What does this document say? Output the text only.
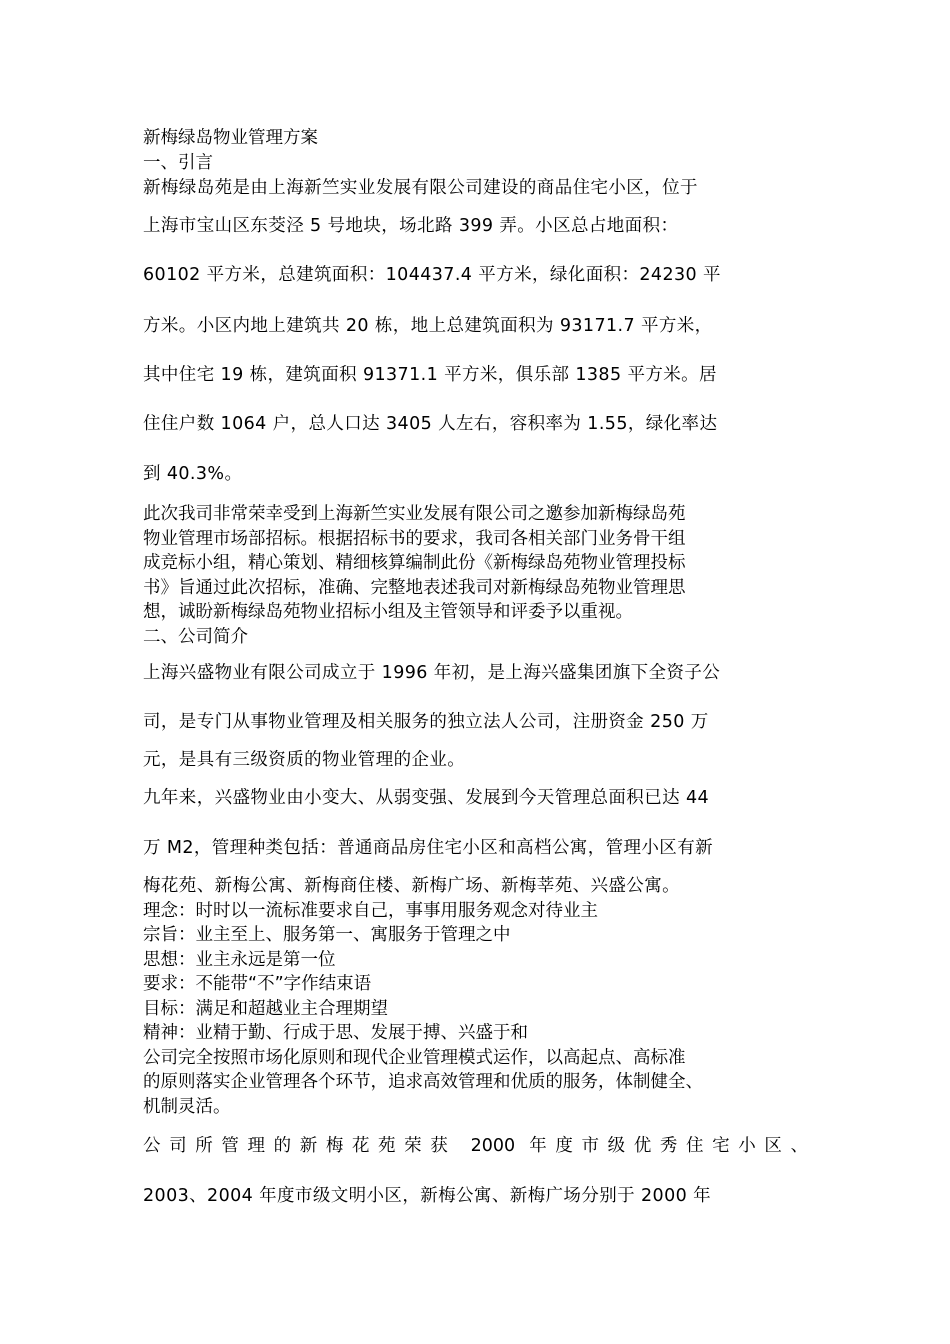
新梅绿岛物业管理方案
一、引言
新梅绿岛苑是由上海新竺实业发展有限公司建设的商品住宅小区，位于
上海市宝山区东茭泾 5 号地块，场北路 399 弄。小区总占地面积：
60102 平方米，总建筑面积：104437.4 平方米，绿化面积：24230 平
方米。小区内地上建筑共 20 栋，地上总建筑面积为 93171.7 平方米，
其中住宅 19 栋，建筑面积 91371.1 平方米，俱乐部 1385 平方米。居
住住户数 1064 户，总人口达 3405 人左右，容积率为 1.55，绿化率达
到 40.3%。
此次我司非常荣幸受到上海新竺实业发展有限公司之邀参加新梅绿岛苑
物业管理市场部招标。根据招标书的要求，我司各相关部门业务骨干组
成竞标小组，精心策划、精细核算编制此份《新梅绿岛苑物业管理投标
书》旨通过此次招标，准确、完整地表述我司对新梅绿岛苑物业管理思
想，诚盼新梅绿岛苑物业招标小组及主管领导和评委予以重视。
二、公司简介
上海兴盛物业有限公司成立于 1996 年初，是上海兴盛集团旗下全资子公
司，是专门从事物业管理及相关服务的独立法人公司，注册资金 250 万
元，是具有三级资质的物业管理的企业。
九年来，兴盛物业由小变大、从弱变强、发展到今天管理总面积已达 44
万 M2，管理种类包括：普通商品房住宅小区和高档公寓，管理小区有新
梅花苑、新梅公寓、新梅商住楼、新梅广场、新梅莘苑、兴盛公寓。
理念：时时以一流标准要求自己，事事用服务观念对待业主
宗旨：业主至上、服务第一、寓服务于管理之中
思想：业主永远是第一位
要求：不能带“不”字作结束语
目标：满足和超越业主合理期望
精神：业精于勤、行成于思、发展于搏、兴盛于和
公司完全按照市场化原则和现代企业管理模式运作，以高起点、高标准
的原则落实企业管理各个环节，追求高效管理和优质的服务，体制健全、
机制灵活。
公司所管理的新梅花苑荣获 2000 年度市级优秀住宅小区、
2003、2004 年度市级文明小区，新梅公寓、新梅广场分别于 2000 年
